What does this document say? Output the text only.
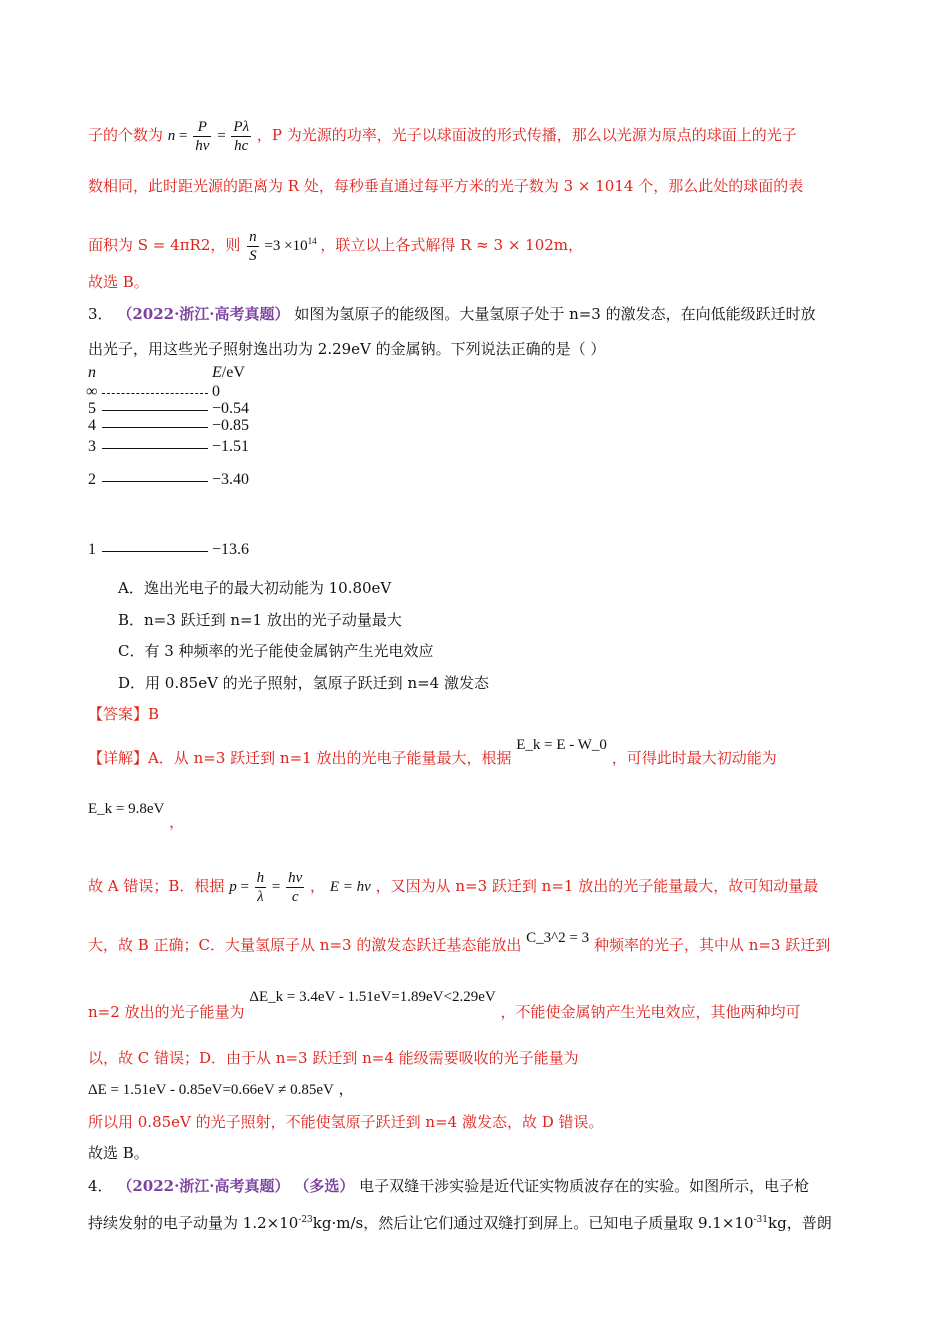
子的个数为 $n = \frac{P}{h\nu} = \frac{P\lambda}{hc}$ ，P 为光源的功率，光子以球面波的形式传播，那么以光源为原点的球面上的光子
数相同，此时距光源的距离为 R 处，每秒垂直通过每平方米的光子数为 3 × 1014 个，那么此处的球面的表
面积为 S = 4πR2，则 $\frac{n}{S} =3 \times 10^{14}$ ，联立以上各式解得 R ≈ 3 × 102m，
故选 B。
3． （2022·浙江·高考真题） 如图为氢原子的能级图。大量氢原子处于 n=3 的激发态，在向低能级跃迁时放
出光子，用这些光子照射逸出功为 2.29eV 的金属钠。下列说法正确的是（ ）
n	E/eV
∞	0
5	−0.54
4	−0.85
3	−1.51
2	−3.40
1	−13.6
A．逸出光电子的最大初动能为 10.80eV
B．n=3 跃迁到 n=1 放出的光子动量最大
C．有 3 种频率的光子能使金属钠产生光电效应
D．用 0.85eV 的光子照射，氢原子跃迁到 n=4 激发态
【答案】B
【详解】A．从 n=3 跃迁到 n=1 放出的光电子能量最大，根据 E_k = E - W_0 ，可得此时最大初动能为
E_k = 9.8eV ，
故 A 错误；B．根据 $p = \frac{h}{\lambda} = \frac{h\nu}{c}$ ， E = hν ，又因为从 n=3 跃迁到 n=1 放出的光子能量最大，故可知动量最
大，故 B 正确；C．大量氢原子从 n=3 的激发态跃迁基态能放出 C_3^2 = 3 种频率的光子，其中从 n=3 跃迁到
n=2 放出的光子能量为 ΔE_k = 3.4eV - 1.51eV=1.89eV<2.29eV ，不能使金属钠产生光电效应，其他两种均可
以，故 C 错误；D．由于从 n=3 跃迁到 n=4 能级需要吸收的光子能量为
ΔE = 1.51eV - 0.85eV=0.66eV ≠ 0.85eV ，
所以用 0.85eV 的光子照射，不能使氢原子跃迁到 n=4 激发态，故 D 错误。
故选 B。
4． （2022·浙江·高考真题） （多选） 电子双缝干涉实验是近代证实物质波存在的实验。如图所示，电子枪
持续发射的电子动量为 $1.2\times 10^{-23}kg\cdot m/s$，然后让它们通过双缝打到屏上。已知电子质量取 $9.1\times 10^{-31}kg$，普朗
